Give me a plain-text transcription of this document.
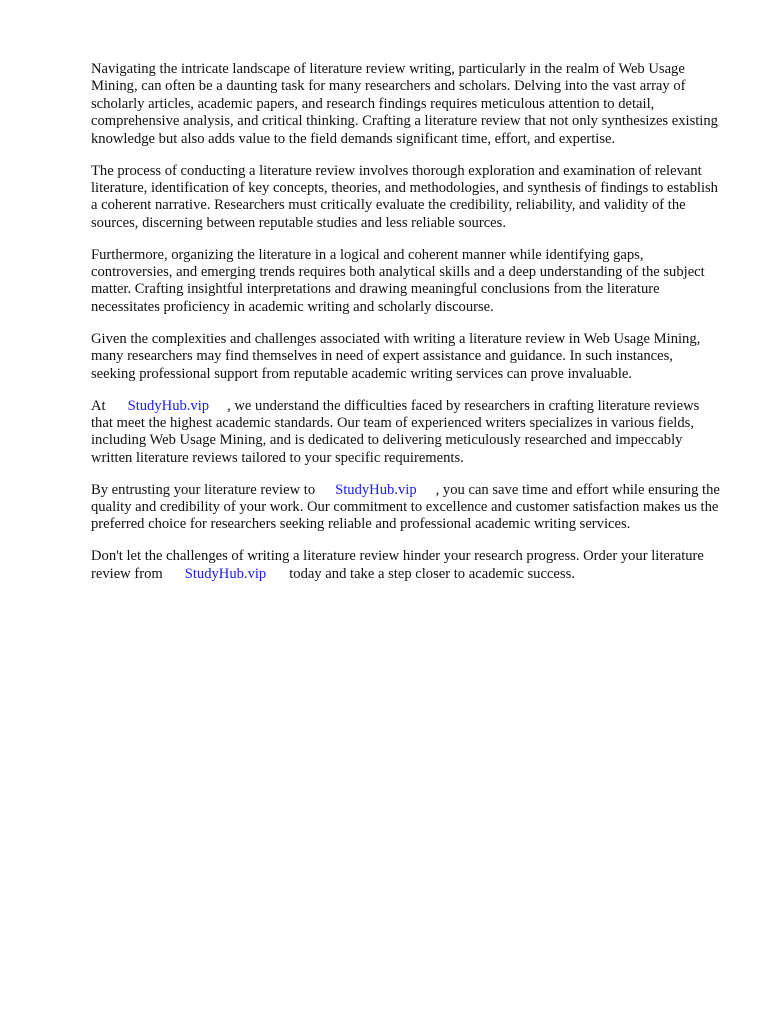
Navigating the intricate landscape of literature review writing, particularly in the realm of Web Usage Mining, can often be a daunting task for many researchers and scholars. Delving into the vast array of scholarly articles, academic papers, and research findings requires meticulous attention to detail, comprehensive analysis, and critical thinking. Crafting a literature review that not only synthesizes existing knowledge but also adds value to the field demands significant time, effort, and expertise.

The process of conducting a literature review involves thorough exploration and examination of relevant literature, identification of key concepts, theories, and methodologies, and synthesis of findings to establish a coherent narrative. Researchers must critically evaluate the credibility, reliability, and validity of the sources, discerning between reputable studies and less reliable sources.

Furthermore, organizing the literature in a logical and coherent manner while identifying gaps, controversies, and emerging trends requires both analytical skills and a deep understanding of the subject matter. Crafting insightful interpretations and drawing meaningful conclusions from the literature necessitates proficiency in academic writing and scholarly discourse.

Given the complexities and challenges associated with writing a literature review in Web Usage Mining, many researchers may find themselves in need of expert assistance and guidance. In such instances, seeking professional support from reputable academic writing services can prove invaluable.

At StudyHub.vip , we understand the difficulties faced by researchers in crafting literature reviews that meet the highest academic standards. Our team of experienced writers specializes in various fields, including Web Usage Mining, and is dedicated to delivering meticulously researched and impeccably written literature reviews tailored to your specific requirements.

By entrusting your literature review to StudyHub.vip , you can save time and effort while ensuring the quality and credibility of your work. Our commitment to excellence and customer satisfaction makes us the preferred choice for researchers seeking reliable and professional academic writing services.

Don't let the challenges of writing a literature review hinder your research progress. Order your literature review from StudyHub.vip today and take a step closer to academic success.
